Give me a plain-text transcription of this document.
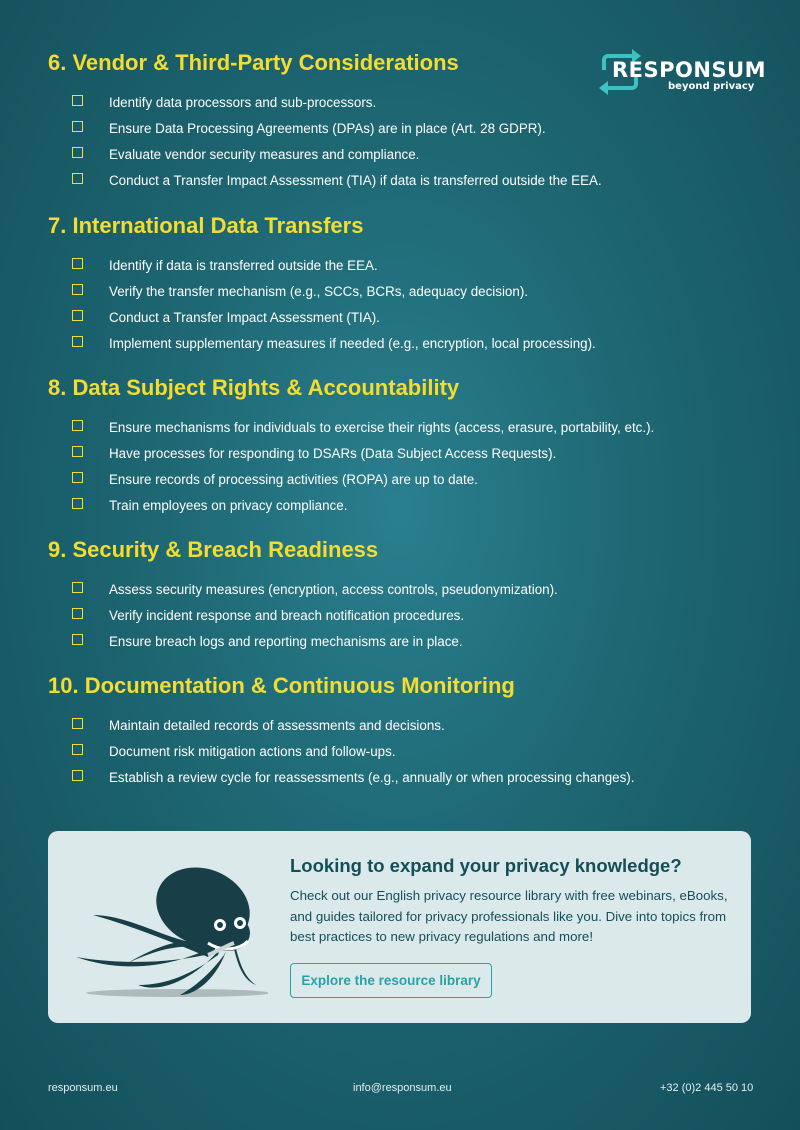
RESPONSUM
beyond privacy
6. Vendor & Third-Party Considerations
Identify data processors and sub-processors.
Ensure Data Processing Agreements (DPAs) are in place (Art. 28 GDPR).
Evaluate vendor security measures and compliance.
Conduct a Transfer Impact Assessment (TIA) if data is transferred outside the EEA.
7. International Data Transfers
Identify if data is transferred outside the EEA.
Verify the transfer mechanism (e.g., SCCs, BCRs, adequacy decision).
Conduct a Transfer Impact Assessment (TIA).
Implement supplementary measures if needed (e.g., encryption, local processing).
8. Data Subject Rights & Accountability
Ensure mechanisms for individuals to exercise their rights (access, erasure, portability, etc.).
Have processes for responding to DSARs (Data Subject Access Requests).
Ensure records of processing activities (ROPA) are up to date.
Train employees on privacy compliance.
9. Security & Breach Readiness
Assess security measures (encryption, access controls, pseudonymization).
Verify incident response and breach notification procedures.
Ensure breach logs and reporting mechanisms are in place.
10. Documentation & Continuous Monitoring
Maintain detailed records of assessments and decisions.
Document risk mitigation actions and follow-ups.
Establish a review cycle for reassessments (e.g., annually or when processing changes).
Looking to expand your privacy knowledge?

Check out our English privacy resource library with free webinars, eBooks, and guides tailored for privacy professionals like you. Dive into topics from best practices to new privacy regulations and more!

Explore the resource library
responsum.eu	info@responsum.eu	+32 (0)2 445 50 10
